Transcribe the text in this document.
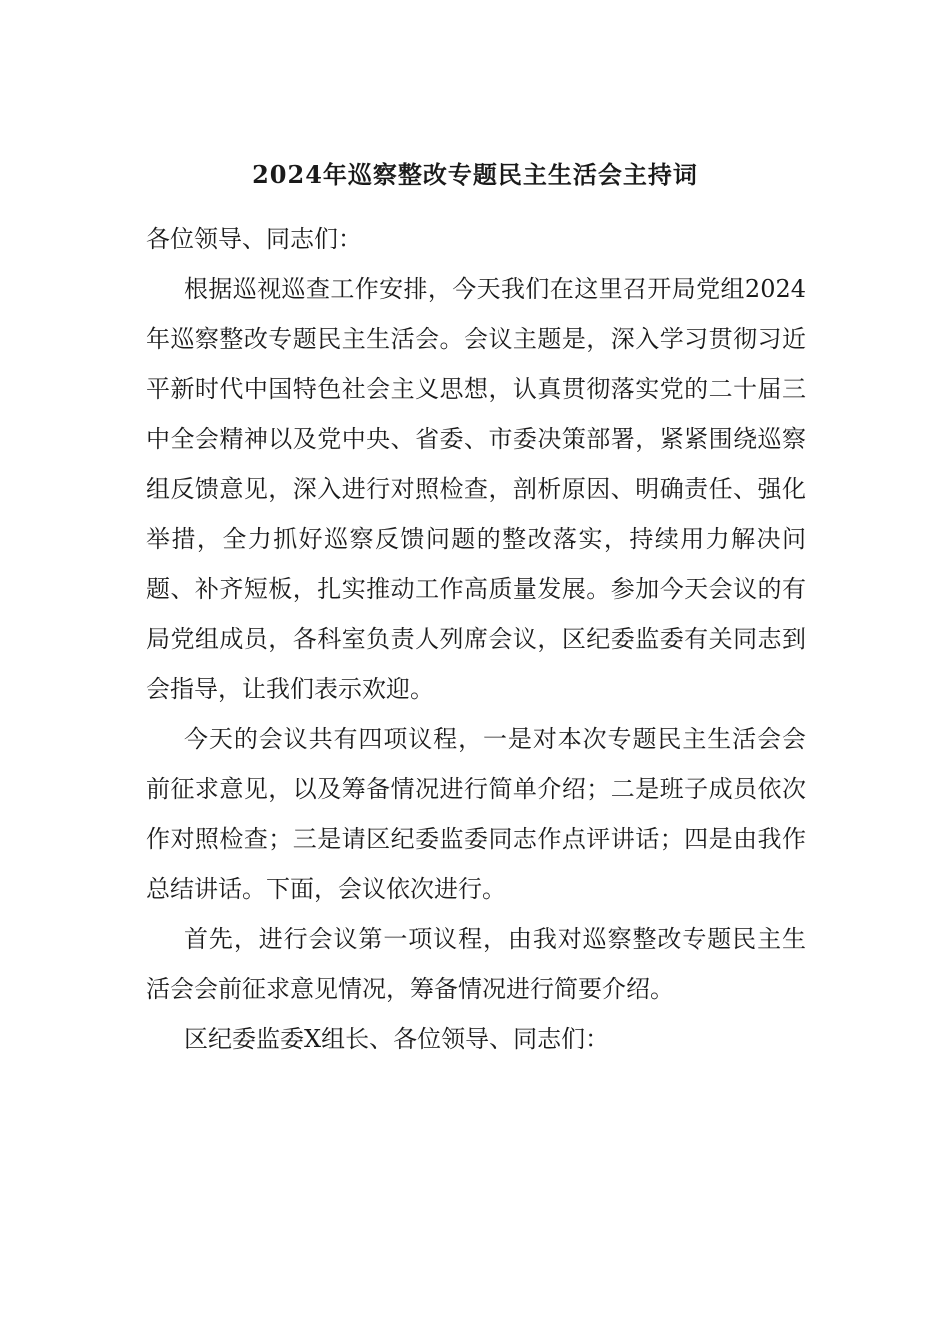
2024年巡察整改专题民主生活会主持词

各位领导、同志们：

根据巡视巡查工作安排，今天我们在这里召开局党组2024年巡察整改专题民主生活会。会议主题是，深入学习贯彻习近平新时代中国特色社会主义思想，认真贯彻落实党的二十届三中全会精神以及党中央、省委、市委决策部署，紧紧围绕巡察组反馈意见，深入进行对照检查，剖析原因、明确责任、强化举措，全力抓好巡察反馈问题的整改落实，持续用力解决问题、补齐短板，扎实推动工作高质量发展。参加今天会议的有局党组成员，各科室负责人列席会议，区纪委监委有关同志到会指导，让我们表示欢迎。

今天的会议共有四项议程，一是对本次专题民主生活会会前征求意见，以及筹备情况进行简单介绍；二是班子成员依次作对照检查；三是请区纪委监委同志作点评讲话；四是由我作总结讲话。下面，会议依次进行。

首先，进行会议第一项议程，由我对巡察整改专题民主生活会会前征求意见情况，筹备情况进行简要介绍。

区纪委监委X组长、各位领导、同志们：
